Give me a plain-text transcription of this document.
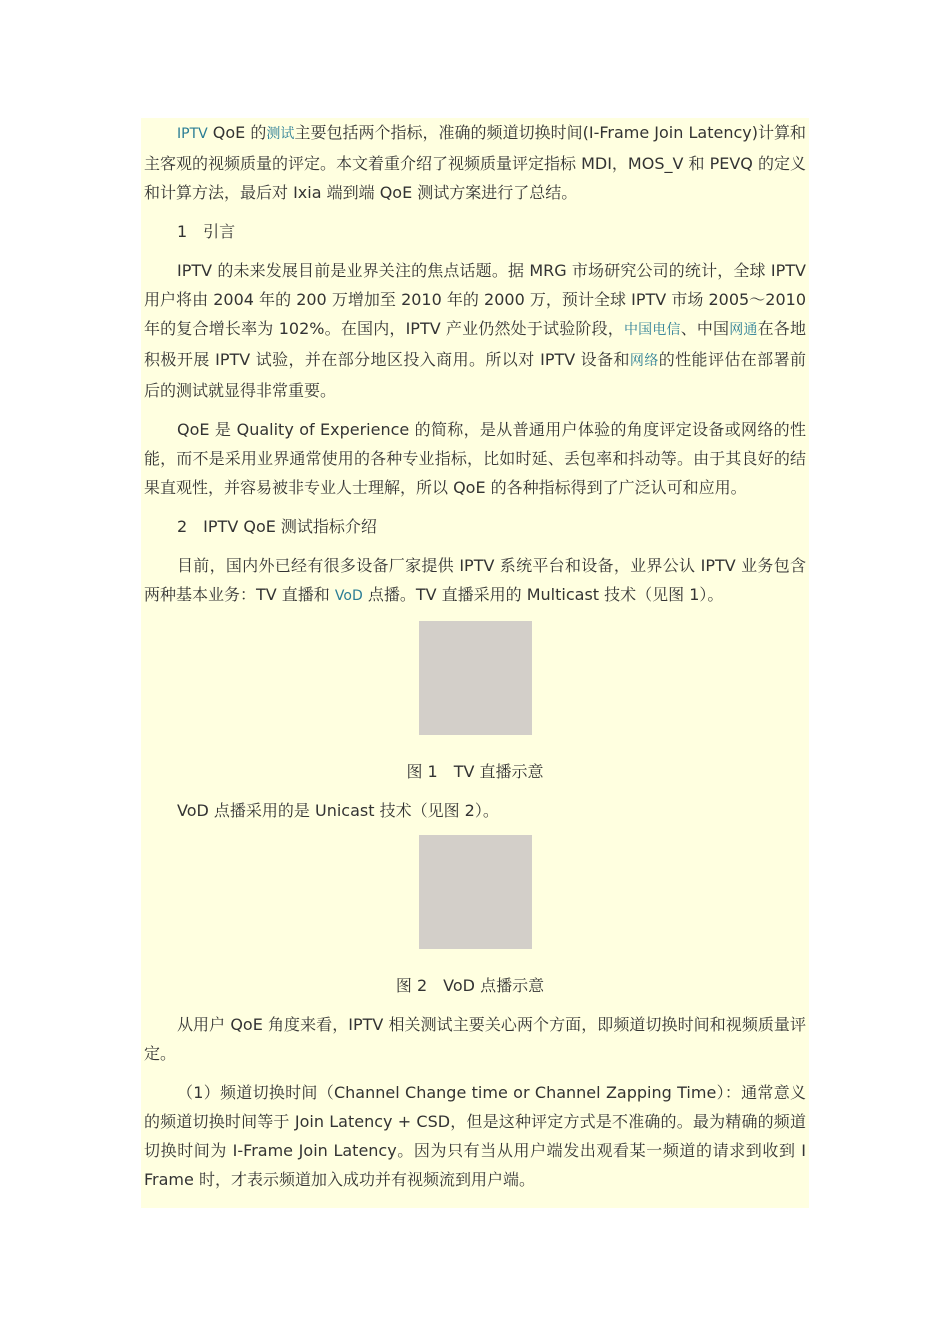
IPTV QoE 的测试主要包括两个指标，准确的频道切换时间(I-Frame Join Latency)计算和主客观的视频质量的评定。本文着重介绍了视频质量评定指标 MDI，MOS_V 和 PEVQ 的定义和计算方法，最后对 Ixia 端到端 QoE 测试方案进行了总结。

1　引言

IPTV 的未来发展目前是业界关注的焦点话题。据 MRG 市场研究公司的统计，全球 IPTV 用户将由 2004 年的 200 万增加至 2010 年的 2000 万，预计全球 IPTV 市场 2005～2010 年的复合增长率为 102%。在国内，IPTV 产业仍然处于试验阶段，中国电信、中国网通在各地积极开展 IPTV 试验，并在部分地区投入商用。所以对 IPTV 设备和网络的性能评估在部署前后的测试就显得非常重要。

QoE 是 Quality of Experience 的简称，是从普通用户体验的角度评定设备或网络的性能，而不是采用业界通常使用的各种专业指标，比如时延、丢包率和抖动等。由于其良好的结果直观性，并容易被非专业人士理解，所以 QoE 的各种指标得到了广泛认可和应用。

2　IPTV QoE 测试指标介绍

目前，国内外已经有很多设备厂家提供 IPTV 系统平台和设备，业界公认 IPTV 业务包含两种基本业务：TV 直播和 VoD 点播。TV 直播采用的 Multicast 技术（见图 1）。

图 1　TV 直播示意

VoD 点播采用的是 Unicast 技术（见图 2）。

图 2　VoD 点播示意

从用户 QoE 角度来看，IPTV 相关测试主要关心两个方面，即频道切换时间和视频质量评定。

（1）频道切换时间（Channel Change time or Channel Zapping Time）：通常意义的频道切换时间等于 Join Latency + CSD，但是这种评定方式是不准确的。最为精确的频道切换时间为 I-Frame Join Latency。因为只有当从用户端发出观看某一频道的请求到收到 I Frame 时，才表示频道加入成功并有视频流到用户端。
